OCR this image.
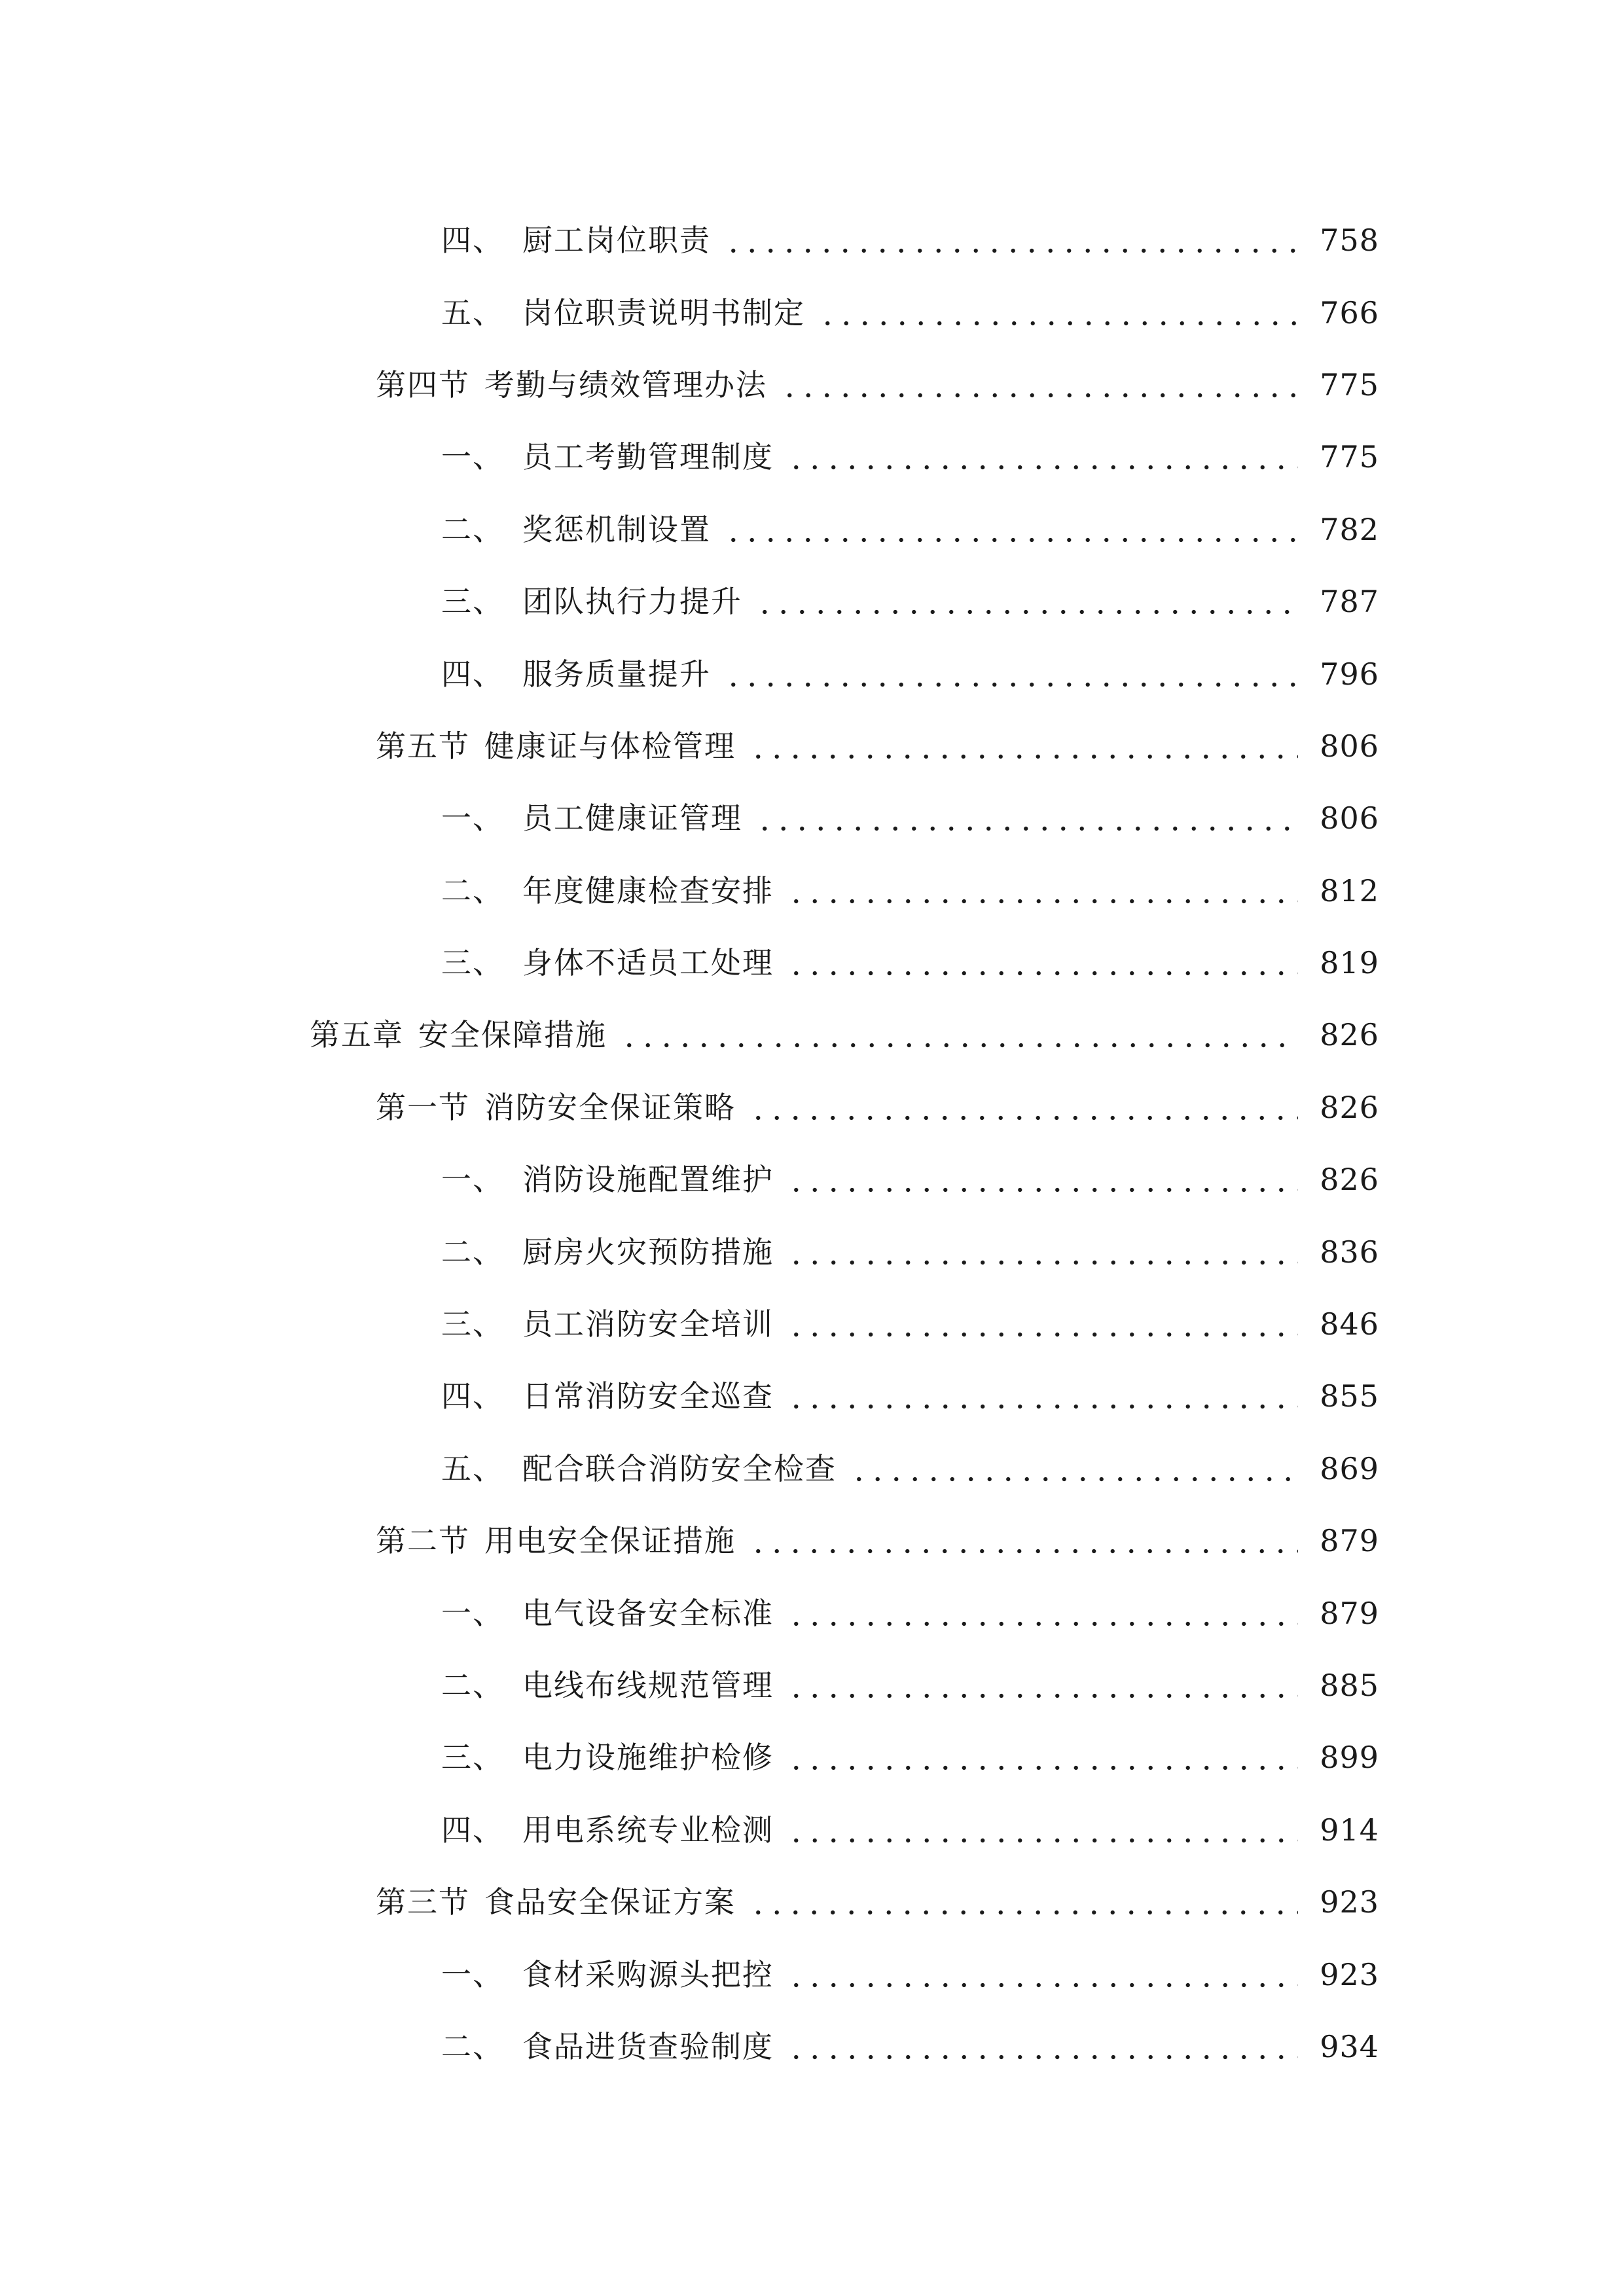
四、 厨工岗位职责	758
五、 岗位职责说明书制定	766
第四节 考勤与绩效管理办法	775
一、 员工考勤管理制度	775
二、 奖惩机制设置	782
三、 团队执行力提升	787
四、 服务质量提升	796
第五节 健康证与体检管理	806
一、 员工健康证管理	806
二、 年度健康检查安排	812
三、 身体不适员工处理	819
第五章 安全保障措施	826
第一节 消防安全保证策略	826
一、 消防设施配置维护	826
二、 厨房火灾预防措施	836
三、 员工消防安全培训	846
四、 日常消防安全巡查	855
五、 配合联合消防安全检查	869
第二节 用电安全保证措施	879
一、 电气设备安全标准	879
二、 电线布线规范管理	885
三、 电力设施维护检修	899
四、 用电系统专业检测	914
第三节 食品安全保证方案	923
一、 食材采购源头把控	923
二、 食品进货查验制度	934
